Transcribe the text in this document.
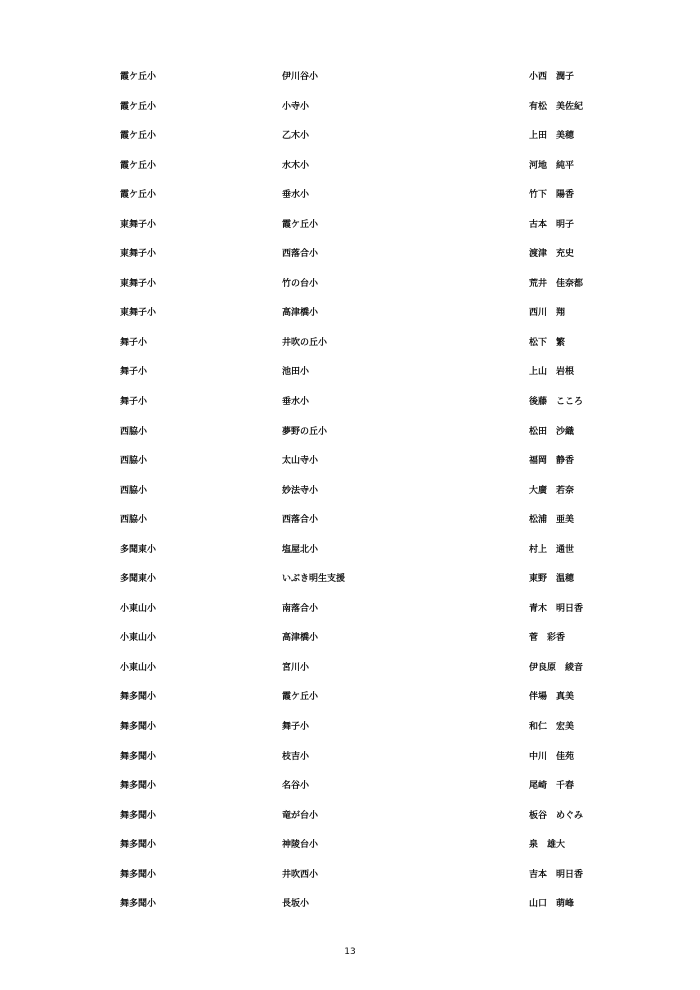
霞ケ丘小	伊川谷小	小西　潤子
霞ケ丘小	小寺小	有松　美佐紀
霞ケ丘小	乙木小	上田　美穂
霞ケ丘小	水木小	河地　純平
霞ケ丘小	垂水小	竹下　陽香
東舞子小	霞ケ丘小	古本　明子
東舞子小	西落合小	渡津　充史
東舞子小	竹の台小	荒井　佳奈都
東舞子小	高津橋小	西川　翔
舞子小	井吹の丘小	松下　繁
舞子小	池田小	上山　岩根
舞子小	垂水小	後藤　こころ
西脇小	夢野の丘小	松田　沙織
西脇小	太山寺小	福岡　静香
西脇小	妙法寺小	大廣　若奈
西脇小	西落合小	松浦　亜美
多聞東小	塩屋北小	村上　通世
多聞東小	いぶき明生支援	東野　温穂
小東山小	南落合小	青木　明日香
小東山小	高津橋小	菅　彩香
小東山小	宮川小	伊良原　綾音
舞多聞小	霞ケ丘小	伴場　真美
舞多聞小	舞子小	和仁　宏美
舞多聞小	枝吉小	中川　佳苑
舞多聞小	名谷小	尾崎　千春
舞多聞小	竜が台小	板谷　めぐみ
舞多聞小	神陵台小	泉　雄大
舞多聞小	井吹西小	吉本　明日香
舞多聞小	長坂小	山口　萌峰
13
